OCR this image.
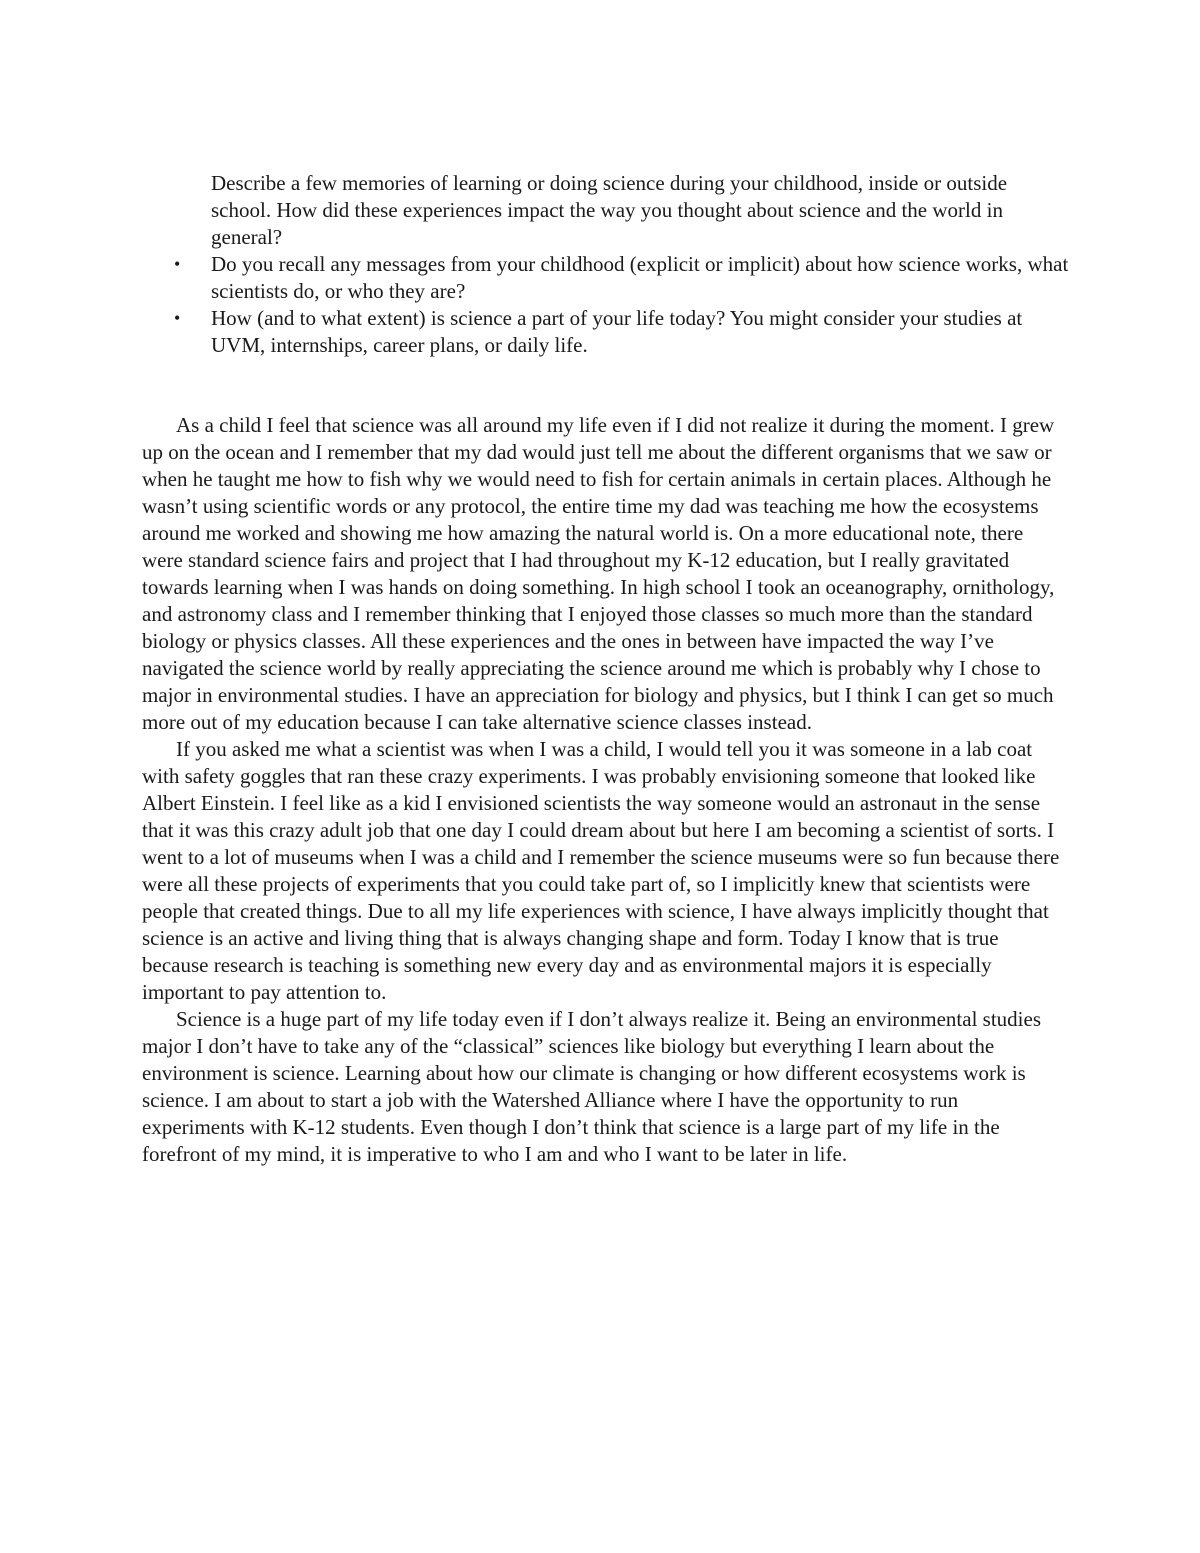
Describe a few memories of learning or doing science during your childhood, inside or outside school. How did these experiences impact the way you thought about science and the world in general?
• Do you recall any messages from your childhood (explicit or implicit) about how science works, what scientists do, or who they are?
• How (and to what extent) is science a part of your life today? You might consider your studies at UVM, internships, career plans, or daily life.

As a child I feel that science was all around my life even if I did not realize it during the moment. I grew up on the ocean and I remember that my dad would just tell me about the different organisms that we saw or when he taught me how to fish why we would need to fish for certain animals in certain places. Although he wasn’t using scientific words or any protocol, the entire time my dad was teaching me how the ecosystems around me worked and showing me how amazing the natural world is. On a more educational note, there were standard science fairs and project that I had throughout my K-12 education, but I really gravitated towards learning when I was hands on doing something. In high school I took an oceanography, ornithology, and astronomy class and I remember thinking that I enjoyed those classes so much more than the standard biology or physics classes. All these experiences and the ones in between have impacted the way I’ve navigated the science world by really appreciating the science around me which is probably why I chose to major in environmental studies. I have an appreciation for biology and physics, but I think I can get so much more out of my education because I can take alternative science classes instead.

If you asked me what a scientist was when I was a child, I would tell you it was someone in a lab coat with safety goggles that ran these crazy experiments. I was probably envisioning someone that looked like Albert Einstein. I feel like as a kid I envisioned scientists the way someone would an astronaut in the sense that it was this crazy adult job that one day I could dream about but here I am becoming a scientist of sorts. I went to a lot of museums when I was a child and I remember the science museums were so fun because there were all these projects of experiments that you could take part of, so I implicitly knew that scientists were people that created things. Due to all my life experiences with science, I have always implicitly thought that science is an active and living thing that is always changing shape and form. Today I know that is true because research is teaching is something new every day and as environmental majors it is especially important to pay attention to.

Science is a huge part of my life today even if I don’t always realize it. Being an environmental studies major I don’t have to take any of the “classical” sciences like biology but everything I learn about the environment is science. Learning about how our climate is changing or how different ecosystems work is science. I am about to start a job with the Watershed Alliance where I have the opportunity to run experiments with K-12 students. Even though I don’t think that science is a large part of my life in the forefront of my mind, it is imperative to who I am and who I want to be later in life.
